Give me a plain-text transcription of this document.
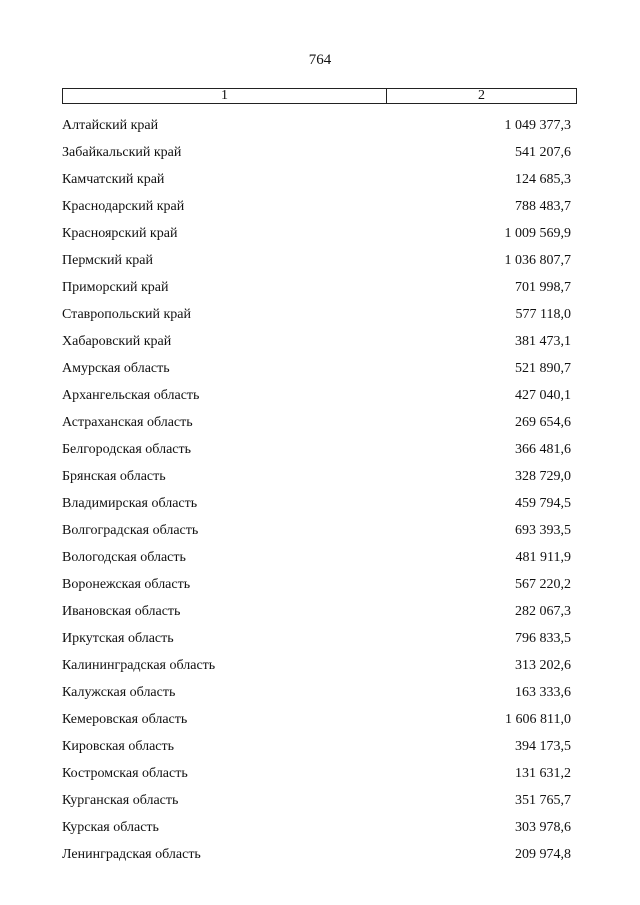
764
1	2
Алтайский край	1 049 377,3
Забайкальский край	541 207,6
Камчатский край	124 685,3
Краснодарский край	788 483,7
Красноярский край	1 009 569,9
Пермский край	1 036 807,7
Приморский край	701 998,7
Ставропольский край	577 118,0
Хабаровский край	381 473,1
Амурская область	521 890,7
Архангельская область	427 040,1
Астраханская область	269 654,6
Белгородская область	366 481,6
Брянская область	328 729,0
Владимирская область	459 794,5
Волгоградская область	693 393,5
Вологодская область	481 911,9
Воронежская область	567 220,2
Ивановская область	282 067,3
Иркутская область	796 833,5
Калининградская область	313 202,6
Калужская область	163 333,6
Кемеровская область	1 606 811,0
Кировская область	394 173,5
Костромская область	131 631,2
Курганская область	351 765,7
Курская область	303 978,6
Ленинградская область	209 974,8
